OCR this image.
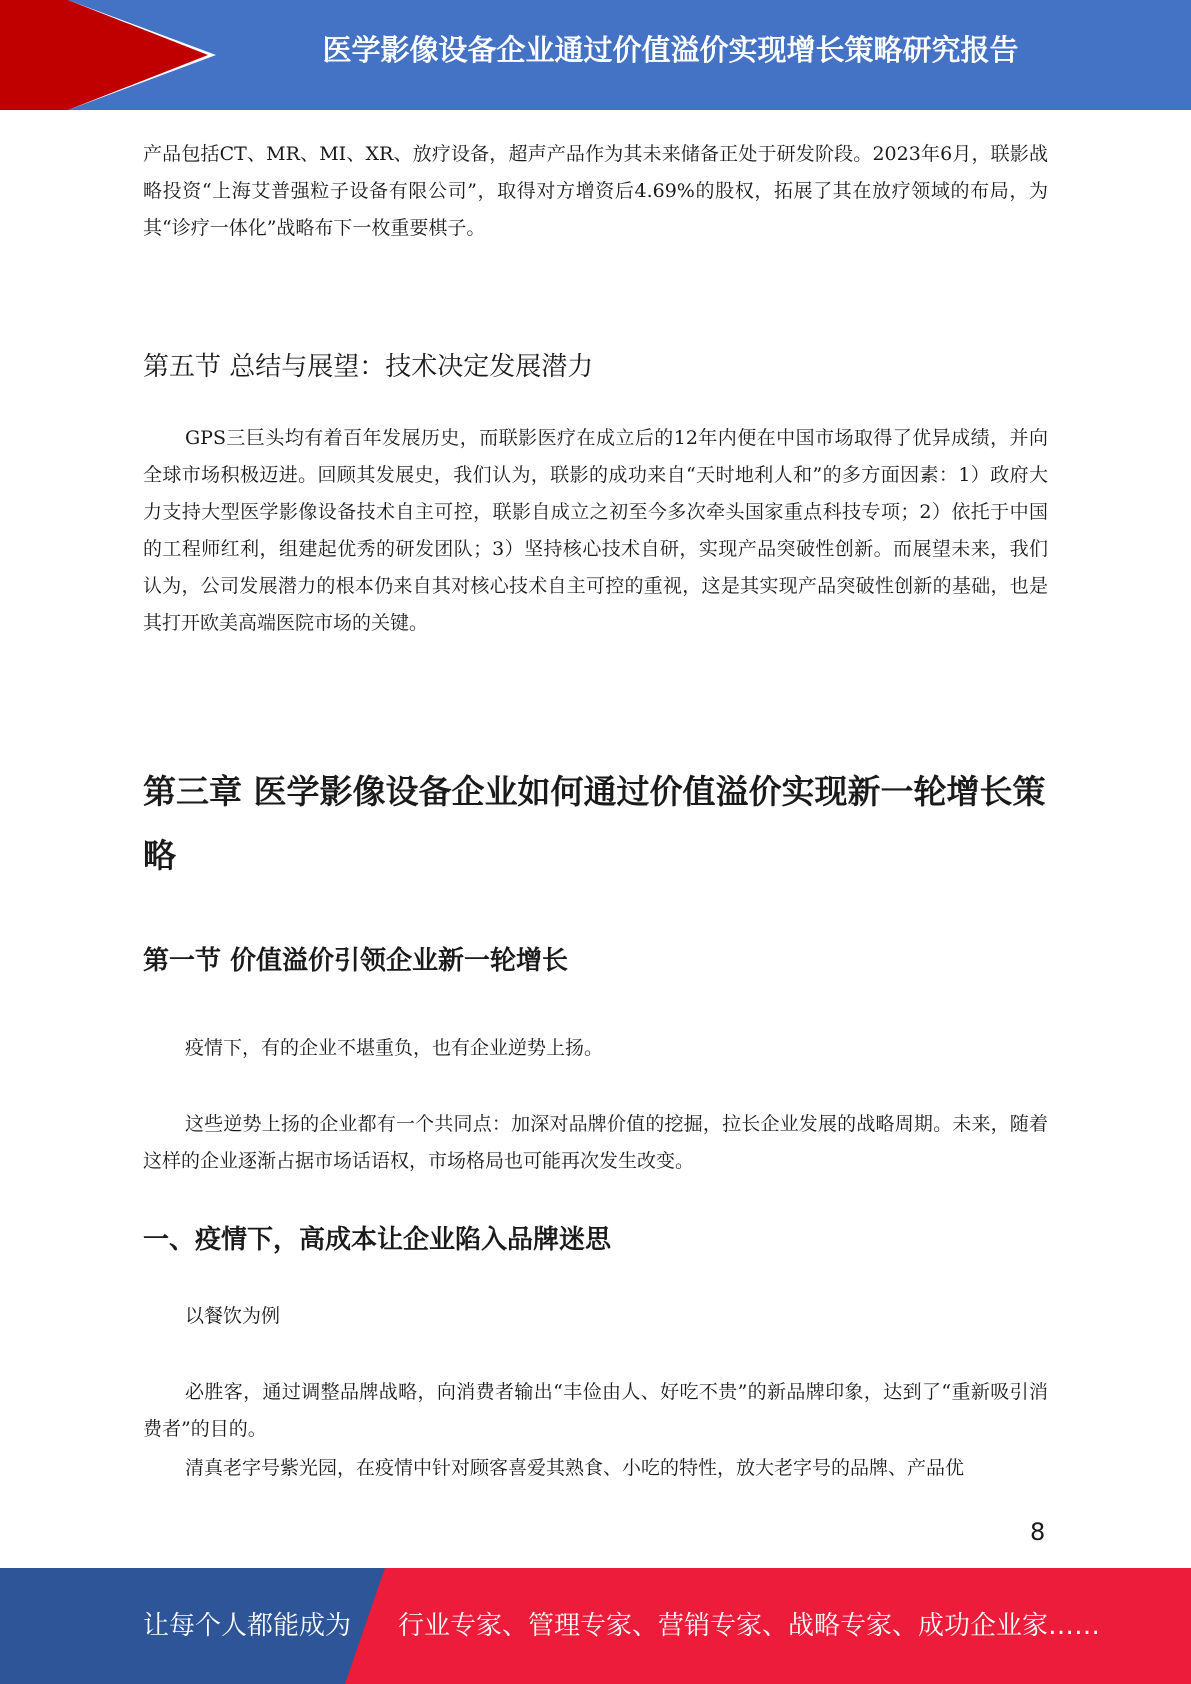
医学影像设备企业通过价值溢价实现增长策略研究报告

产品包括CT、MR、MI、XR、放疗设备，超声产品作为其未来储备正处于研发阶段。2023年6月，联影战略投资“上海艾普强粒子设备有限公司”，取得对方增资后4.69%的股权，拓展了其在放疗领域的布局，为其“诊疗一体化”战略布下一枚重要棋子。

第五节 总结与展望：技术决定发展潜力

GPS三巨头均有着百年发展历史，而联影医疗在成立后的12年内便在中国市场取得了优异成绩，并向全球市场积极迈进。回顾其发展史，我们认为，联影的成功来自“天时地利人和”的多方面因素：1）政府大力支持大型医学影像设备技术自主可控，联影自成立之初至今多次牵头国家重点科技专项；2）依托于中国的工程师红利，组建起优秀的研发团队；3）坚持核心技术自研，实现产品突破性创新。而展望未来，我们认为，公司发展潜力的根本仍来自其对核心技术自主可控的重视，这是其实现产品突破性创新的基础，也是其打开欧美高端医院市场的关键。

第三章 医学影像设备企业如何通过价值溢价实现新一轮增长策略
第一节 价值溢价引领企业新一轮增长

疫情下，有的企业不堪重负，也有企业逆势上扬。

这些逆势上扬的企业都有一个共同点：加深对品牌价值的挖掘，拉长企业发展的战略周期。未来，随着这样的企业逐渐占据市场话语权，市场格局也可能再次发生改变。

一、疫情下，高成本让企业陷入品牌迷思

以餐饮为例

必胜客，通过调整品牌战略，向消费者输出“丰俭由人、好吃不贵”的新品牌印象，达到了“重新吸引消费者”的目的。

清真老字号紫光园，在疫情中针对顾客喜爱其熟食、小吃的特性，放大老字号的品牌、产品优

8
让每个人都能成为 行业专家、管理专家、营销专家、战略专家、成功企业家……
